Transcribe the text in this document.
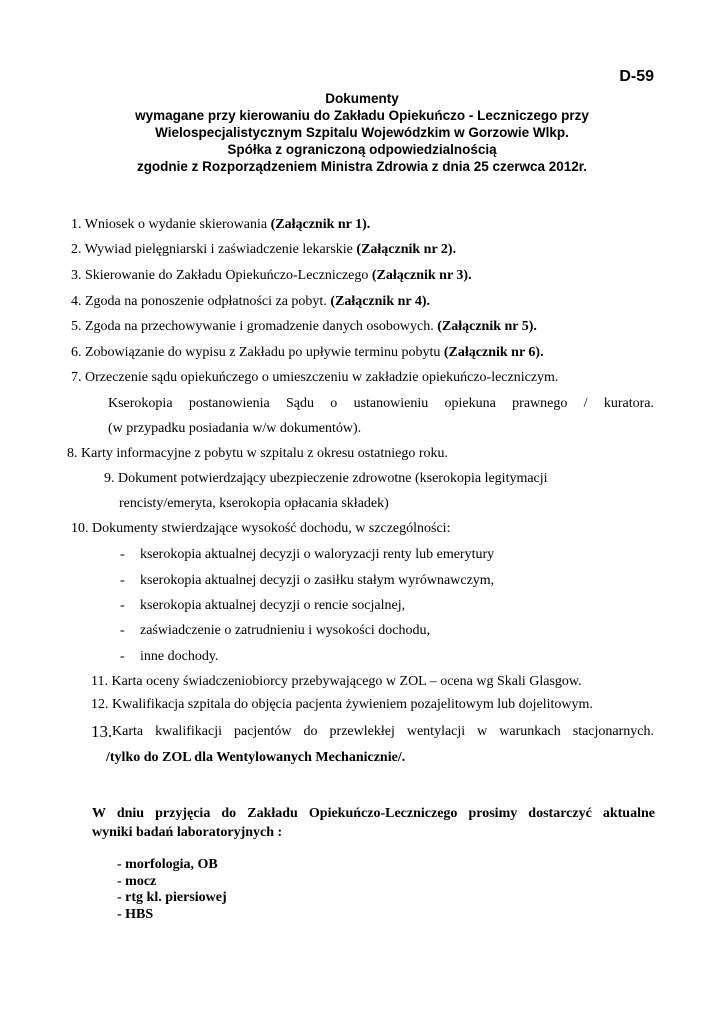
D-59
Dokumenty
wymagane przy kierowaniu do Zakładu Opiekuńczo - Leczniczego przy
Wielospecjalistycznym Szpitalu Wojewódzkim w Gorzowie Wlkp.
Spółka z ograniczoną odpowiedzialnością
zgodnie z Rozporządzeniem Ministra Zdrowia z dnia 25 czerwca 2012r.
1. Wniosek o wydanie skierowania (Załącznik nr 1).
2. Wywiad pielęgniarski i zaświadczenie lekarskie (Załącznik nr 2).
3. Skierowanie do Zakładu Opiekuńczo-Leczniczego (Załącznik nr 3).
4. Zgoda na ponoszenie odpłatności za pobyt. (Załącznik nr 4).
5. Zgoda na przechowywanie i gromadzenie danych osobowych. (Załącznik nr 5).
6. Zobowiązanie do wypisu z Zakładu po upływie terminu pobytu (Załącznik nr 6).
7. Orzeczenie sądu opiekuńczego o umieszczeniu w zakładzie opiekuńczo-leczniczym.
Kserokopia postanowienia Sądu o ustanowieniu opiekuna prawnego / kuratora.
(w przypadku posiadania w/w dokumentów).
8. Karty informacyjne z pobytu w szpitalu z okresu ostatniego roku.
9. Dokument potwierdzający ubezpieczenie zdrowotne (kserokopia legitymacji
rencisty/emeryta, kserokopia opłacania składek)
10. Dokumenty stwierdzające wysokość dochodu, w szczególności:
- kserokopia aktualnej decyzji o waloryzacji renty lub emerytury
- kserokopia aktualnej decyzji o zasiłku stałym wyrównawczym,
- kserokopia aktualnej decyzji o rencie socjalnej,
- zaświadczenie o zatrudnieniu i wysokości dochodu,
- inne dochody.
11. Karta oceny świadczeniobiorcy przebywającego w ZOL – ocena wg Skali Glasgow.
12. Kwalifikacja szpitala do objęcia pacjenta żywieniem pozajelitowym lub dojelitowym.
13. Karta kwalifikacji pacjentów do przewlekłej wentylacji w warunkach stacjonarnych.
/tylko do ZOL dla Wentylowanych Mechanicznie/.
W dniu przyjęcia do Zakładu Opiekuńczo-Leczniczego prosimy dostarczyć aktualne
wyniki badań laboratoryjnych :
- morfologia, OB
- mocz
- rtg kl. piersiowej
- HBS
